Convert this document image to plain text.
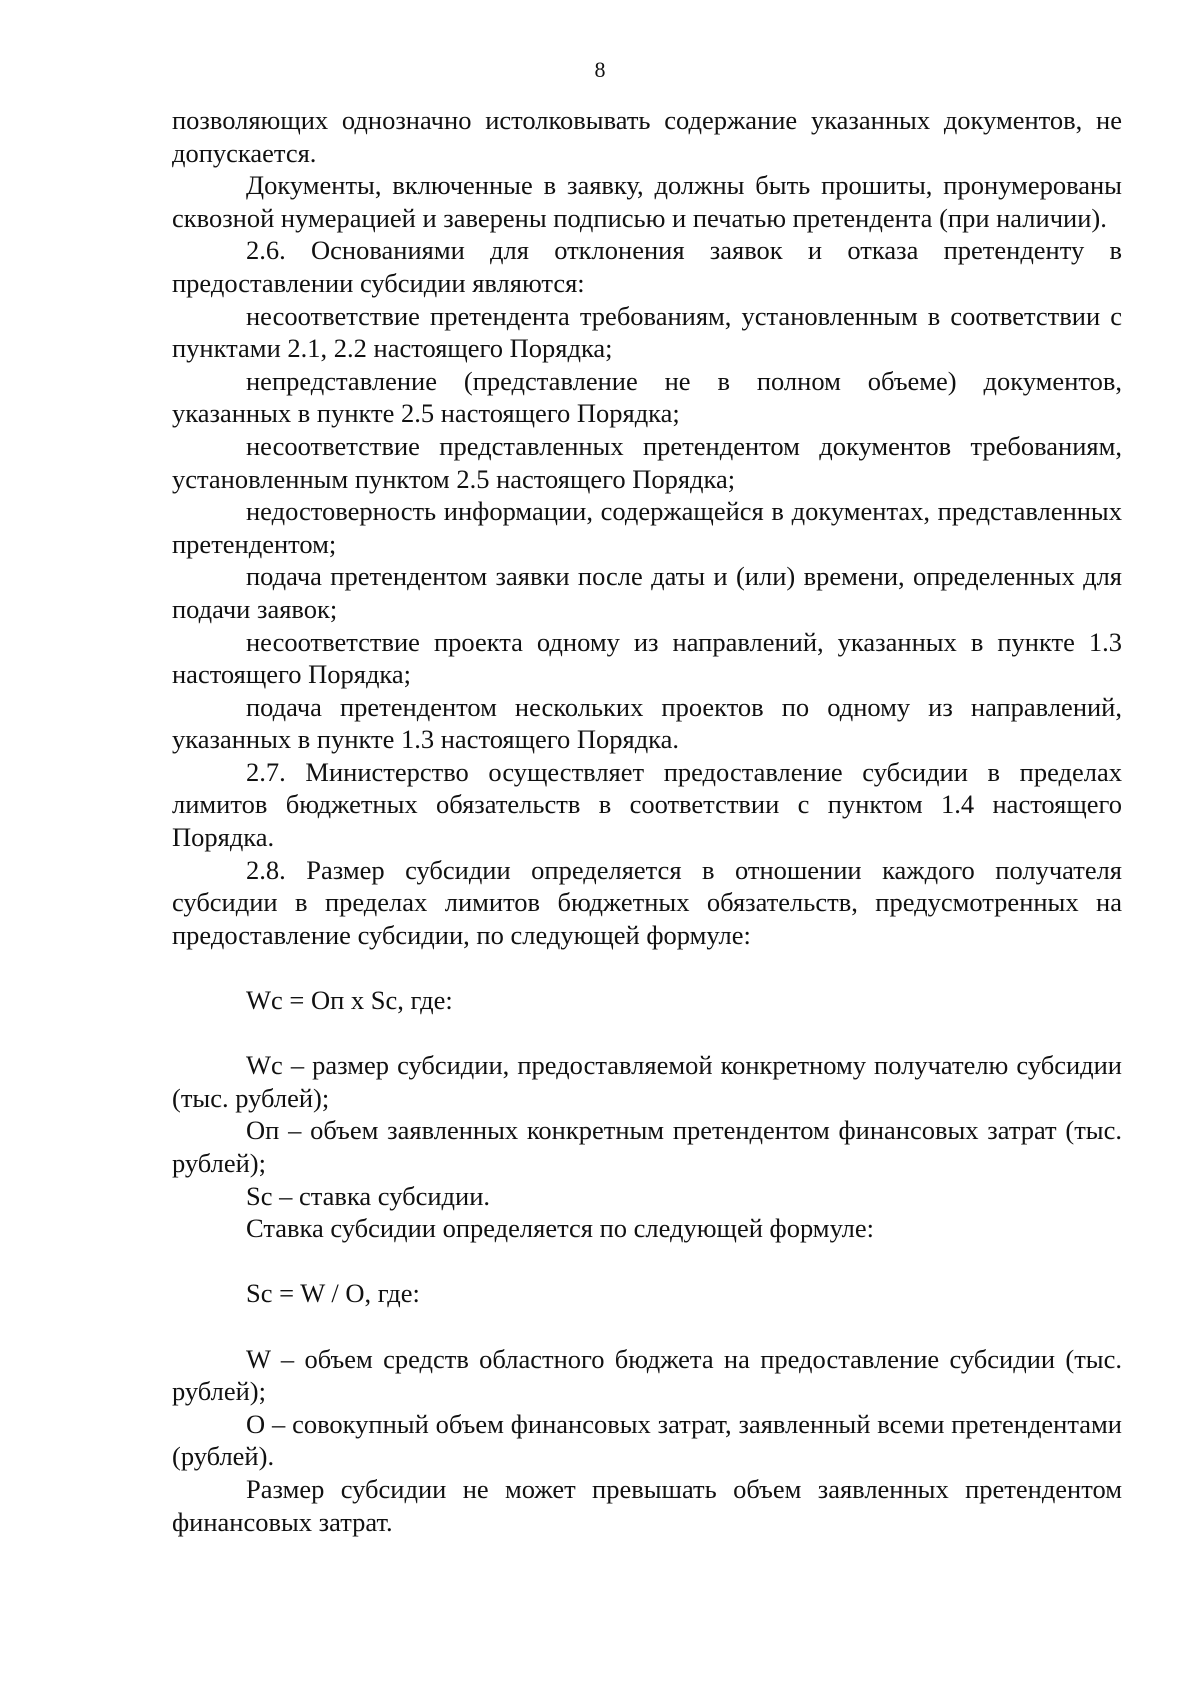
8

позволяющих однозначно истолковывать содержание указанных документов, не допускается.

Документы, включенные в заявку, должны быть прошиты, пронумерованы сквозной нумерацией и заверены подписью и печатью претендента (при наличии).

2.6. Основаниями для отклонения заявок и отказа претенденту в предоставлении субсидии являются:

несоответствие претендента требованиям, установленным в соответствии с пунктами 2.1, 2.2 настоящего Порядка;

непредставление (представление не в полном объеме) документов, указанных в пункте 2.5 настоящего Порядка;

несоответствие представленных претендентом документов требованиям, установленным пунктом 2.5 настоящего Порядка;

недостоверность информации, содержащейся в документах, представленных претендентом;

подача претендентом заявки после даты и (или) времени, определенных для подачи заявок;

несоответствие проекта одному из направлений, указанных в пункте 1.3 настоящего Порядка;

подача претендентом нескольких проектов по одному из направлений, указанных в пункте 1.3 настоящего Порядка.

2.7. Министерство осуществляет предоставление субсидии в пределах лимитов бюджетных обязательств в соответствии с пунктом 1.4 настоящего Порядка.

2.8. Размер субсидии определяется в отношении каждого получателя субсидии в пределах лимитов бюджетных обязательств, предусмотренных на предоставление субсидии, по следующей формуле:

Wc = Оп x Sc, где:

Wc – размер субсидии, предоставляемой конкретному получателю субсидии (тыс. рублей);

Оп – объем заявленных конкретным претендентом финансовых затрат (тыс. рублей);

Sc – ставка субсидии.

Ставка субсидии определяется по следующей формуле:

Sc = W / O, где:

W – объем средств областного бюджета на предоставление субсидии (тыс. рублей);

О – совокупный объем финансовых затрат, заявленный всеми претендентами (рублей).

Размер субсидии не может превышать объем заявленных претендентом финансовых затрат.
